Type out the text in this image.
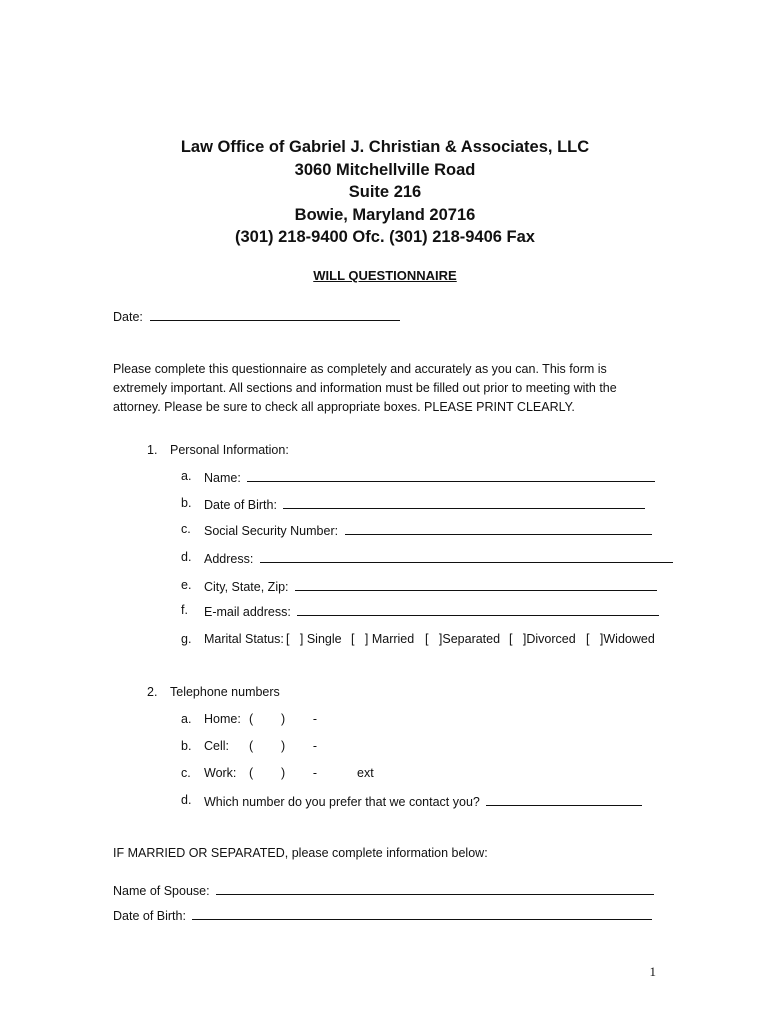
Law Office of Gabriel J. Christian & Associates, LLC
3060 Mitchellville Road
Suite 216
Bowie, Maryland 20716
(301) 218-9400 Ofc. (301) 218-9406 Fax
WILL QUESTIONNAIRE
Date:
Please complete this questionnaire as completely and accurately as you can. This form is extremely important. All sections and information must be filled out prior to meeting with the attorney. Please be sure to check all appropriate boxes. PLEASE PRINT CLEARLY.
1. Personal Information:
a. Name:
b. Date of Birth:
c. Social Security Number:
d. Address:
e. City, State, Zip:
f. E-mail address:
g. Marital Status: [   ] Single [   ] Married [   ]Separated [   ]Divorced [   ]Widowed
2. Telephone numbers
a. Home: (        )        -
b. Cell: (        )        -
c. Work: (        )        -	ext
d. Which number do you prefer that we contact you?
IF MARRIED OR SEPARATED, please complete information below:
Name of Spouse:
Date of Birth:
1
